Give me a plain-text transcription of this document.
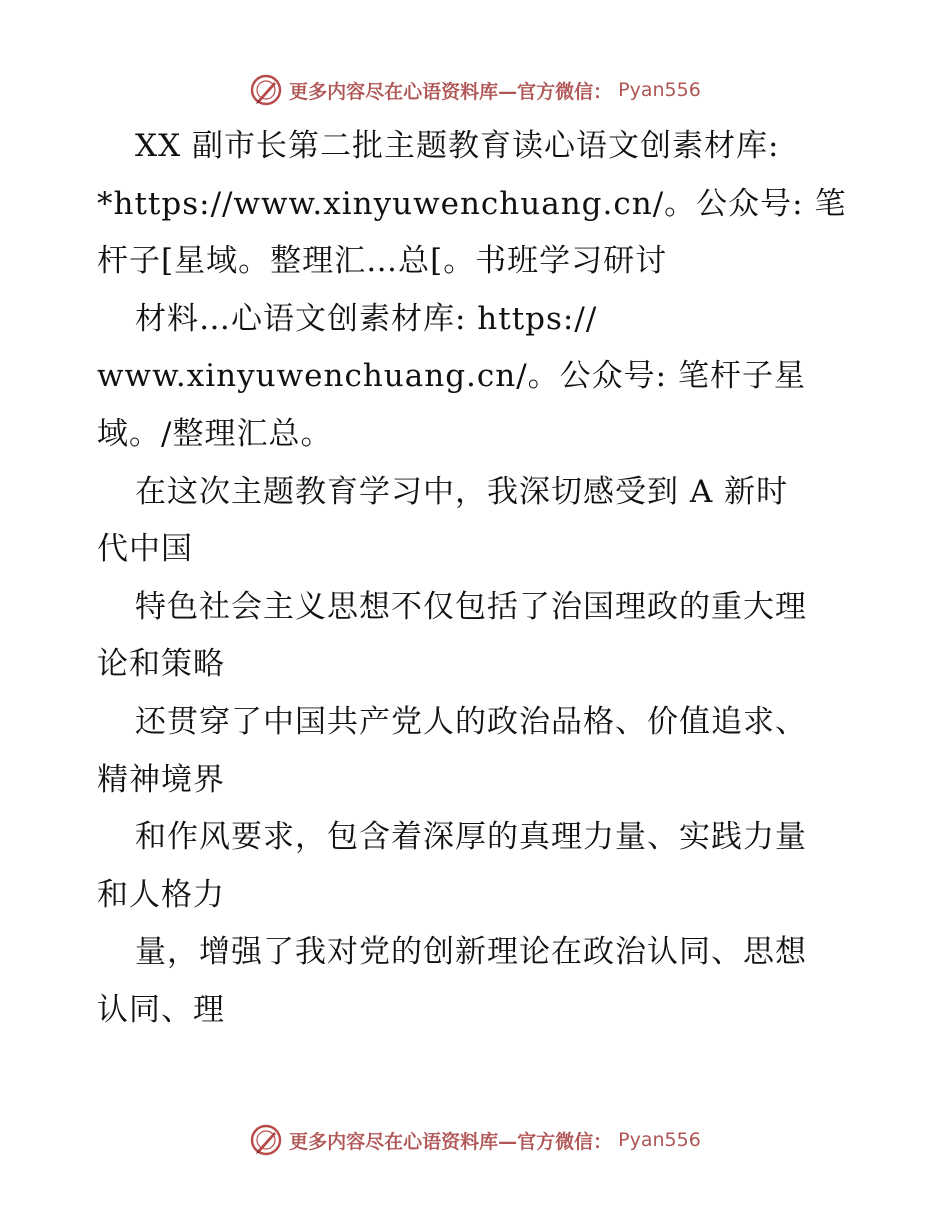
更多内容尽在心语资料库—官方微信： Pyan556
XX 副市长第二批主题教育读心语文创素材库:
*https://www.xinyuwenchuang.cn/。公众号: 笔
杆子[星域。整理汇…总[。书班学习研讨
材料…心语文创素材库: https://
www.xinyuwenchuang.cn/。公众号: 笔杆子星
域。/整理汇总。
在这次主题教育学习中，我深切感受到 A 新时
代中国
特色社会主义思想不仅包括了治国理政的重大理
论和策略
还贯穿了中国共产党人的政治品格、价值追求、
精神境界
和作风要求，包含着深厚的真理力量、实践力量
和人格力
量，增强了我对党的创新理论在政治认同、思想
认同、理
更多内容尽在心语资料库—官方微信： Pyan556
